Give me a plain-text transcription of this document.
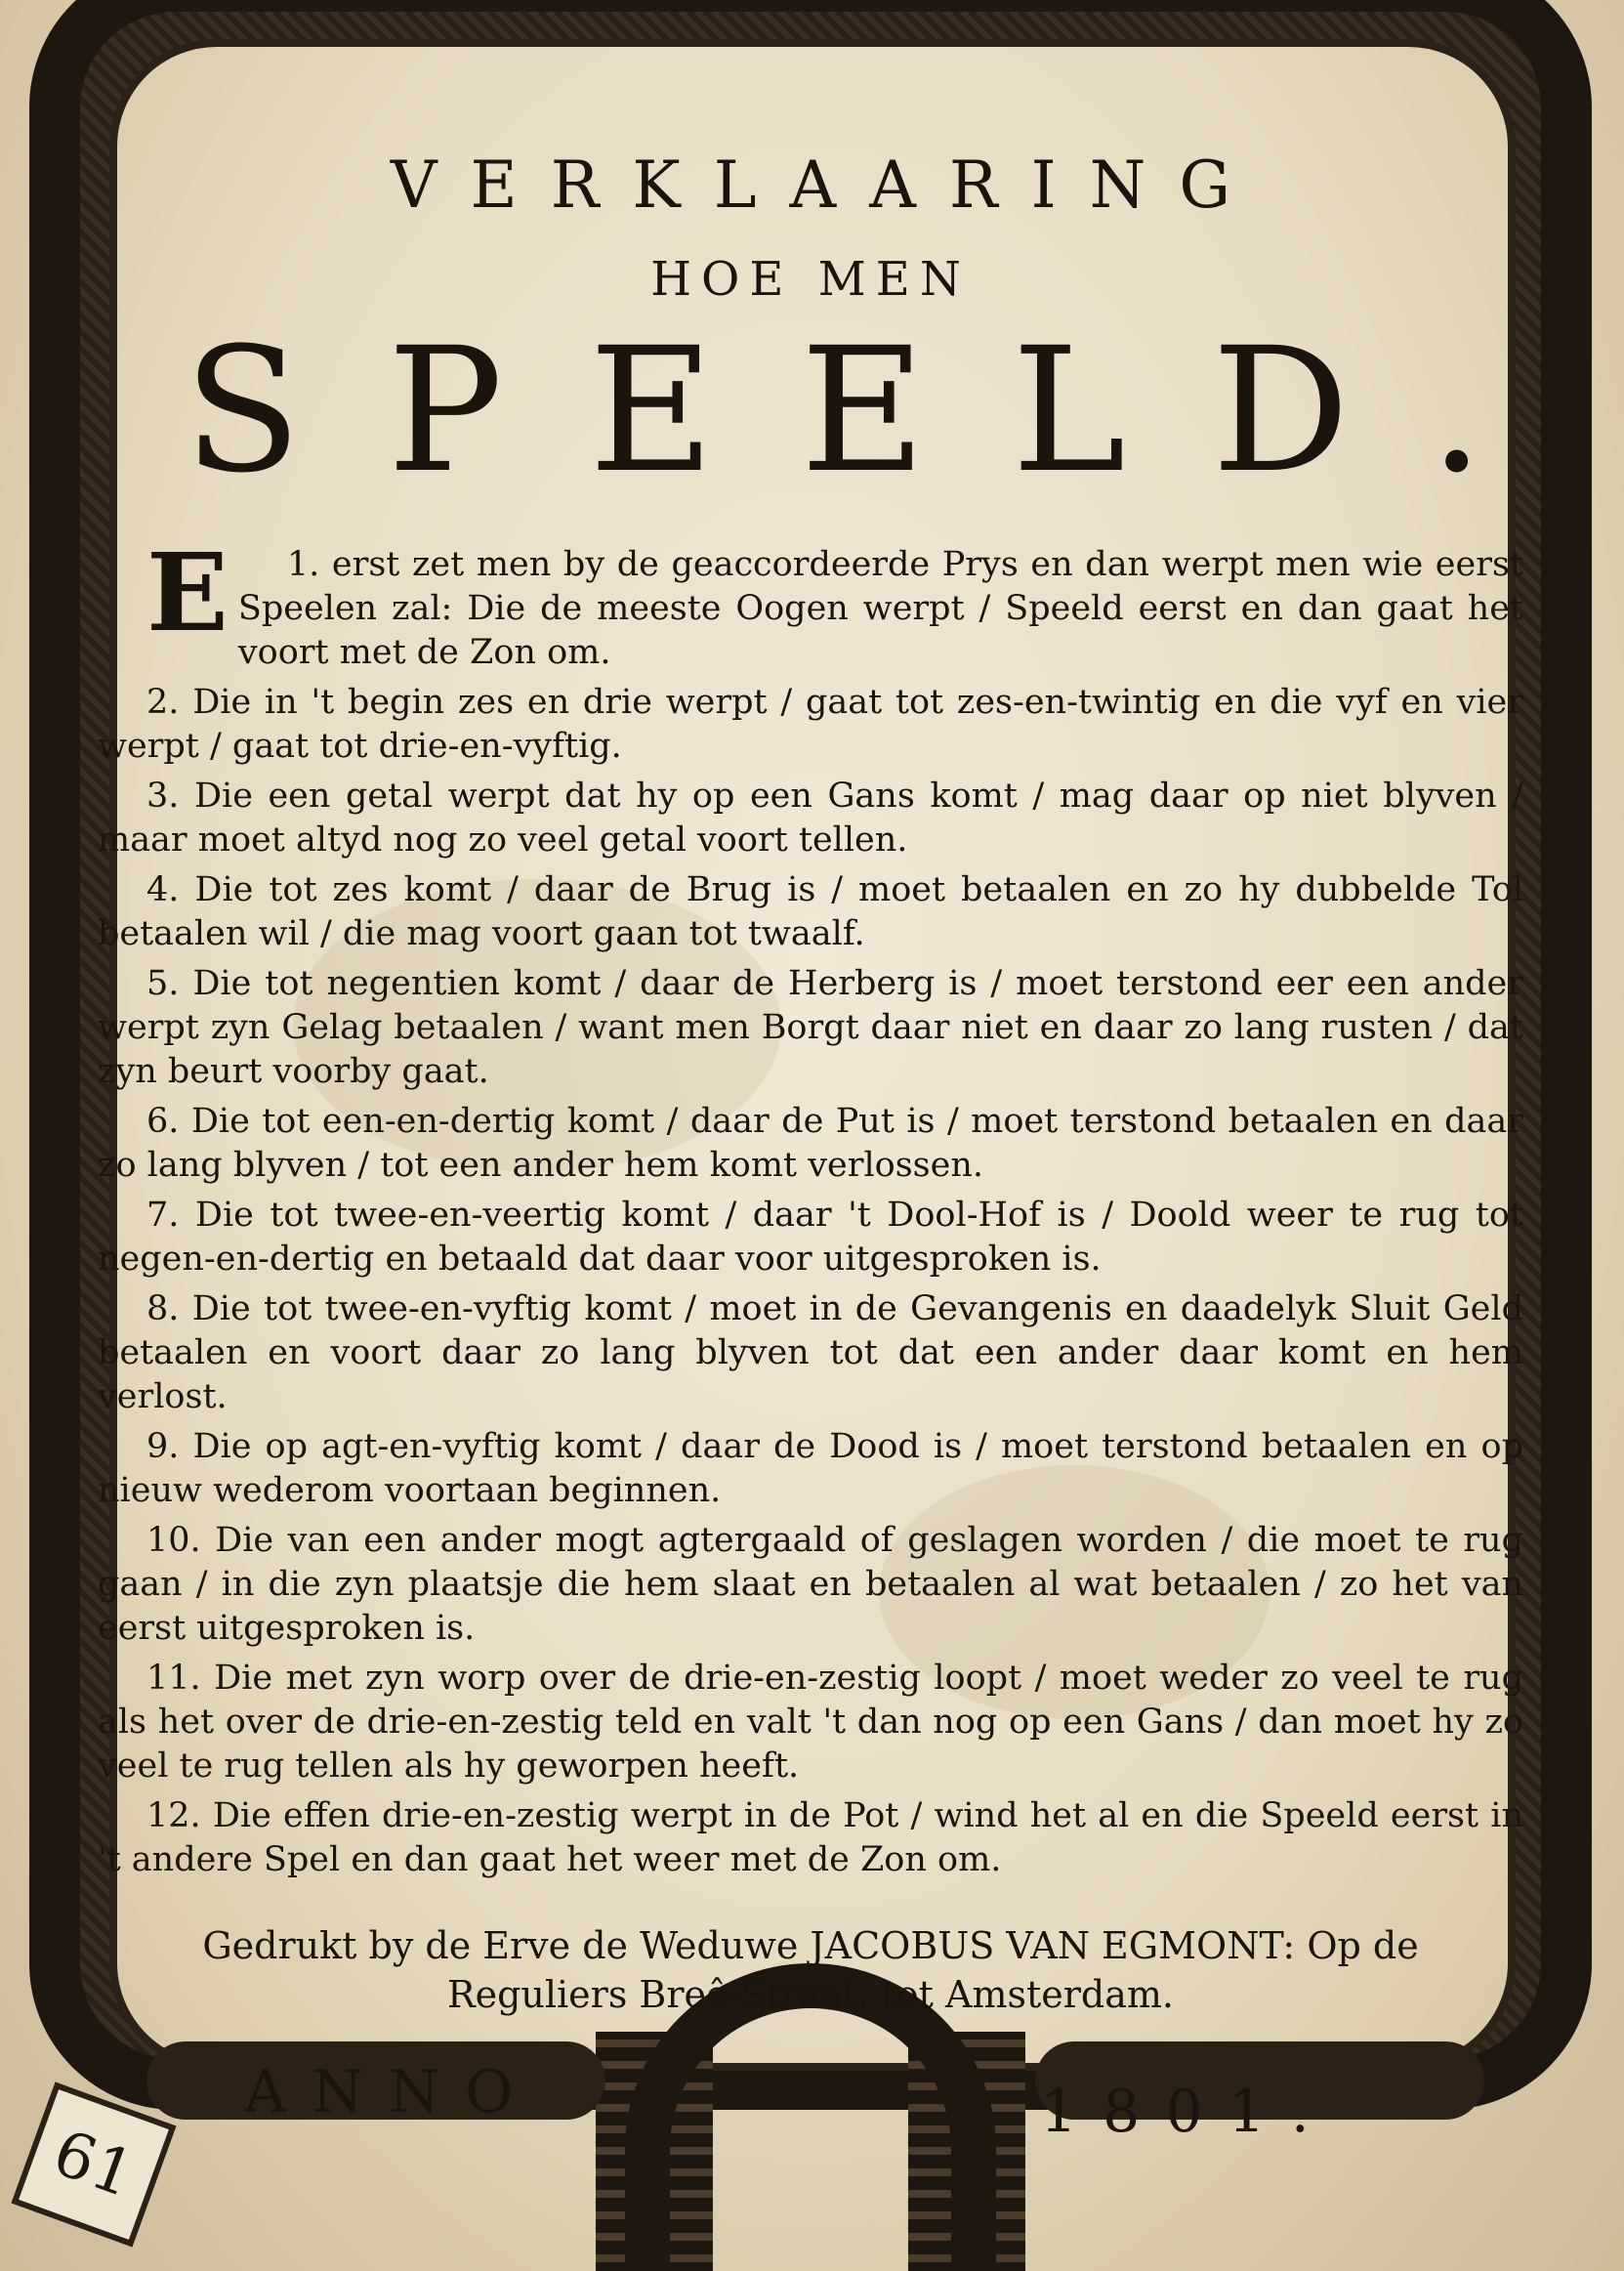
61
VERKLAARING
HOE MEN
SPEELD.

1.
E	erst zet men by de geaccordeerde Prys en dan werpt men wie eerst Speelen zal: Die de meeste Oogen werpt / Speeld eerst en dan gaat het voort met de Zon om.

2. Die in 't begin zes en drie werpt / gaat tot zes-en-twintig en die vyf en vier werpt / gaat tot drie-en-vyftig.

3. Die een getal werpt dat hy op een Gans komt / mag daar op niet blyven / maar moet altyd nog zo veel getal voort tellen.

4. Die tot zes komt / daar de Brug is / moet betaalen en zo hy dubbelde Tol betaalen wil / die mag voort gaan tot twaalf.

5. Die tot negentien komt / daar de Herberg is / moet terstond eer een ander werpt zyn Gelag betaalen / want men Borgt daar niet en daar zo lang rusten / dat zyn beurt voorby gaat.

6. Die tot een-en-dertig komt / daar de Put is / moet terstond betaalen en daar zo lang blyven / tot een ander hem komt verlossen.

7. Die tot twee-en-veertig komt / daar 't Dool-Hof is / Doold weer te rug tot negen-en-dertig en betaald dat daar voor uitgesproken is.

8. Die tot twee-en-vyftig komt / moet in de Gevangenis en daadelyk Sluit Geld betaalen en voort daar zo lang blyven tot dat een ander daar komt en hem verlost.

9. Die op agt-en-vyftig komt / daar de Dood is / moet terstond betaalen en op nieuw wederom voortaan beginnen.

10. Die van een ander mogt agtergaald of geslagen worden / die moet te rug gaan / in die zyn plaatsje die hem slaat en betaalen al wat betaalen / zo het van eerst uitgesproken is.

11. Die met zyn worp over de drie-en-zestig loopt / moet weder zo veel te rug als het over de drie-en-zestig teld en valt 't dan nog op een Gans / dan moet hy zo veel te rug tellen als hy geworpen heeft.

12. Die effen drie-en-zestig werpt in de Pot / wind het al en die Speeld eerst in 't andere Spel en dan gaat het weer met de Zon om.

Gedrukt by de Erve de Weduwe JACOBUS VAN EGMONT: Op de Reguliers Breê-Straat, tot Amsterdam.
ANNO	1801.
